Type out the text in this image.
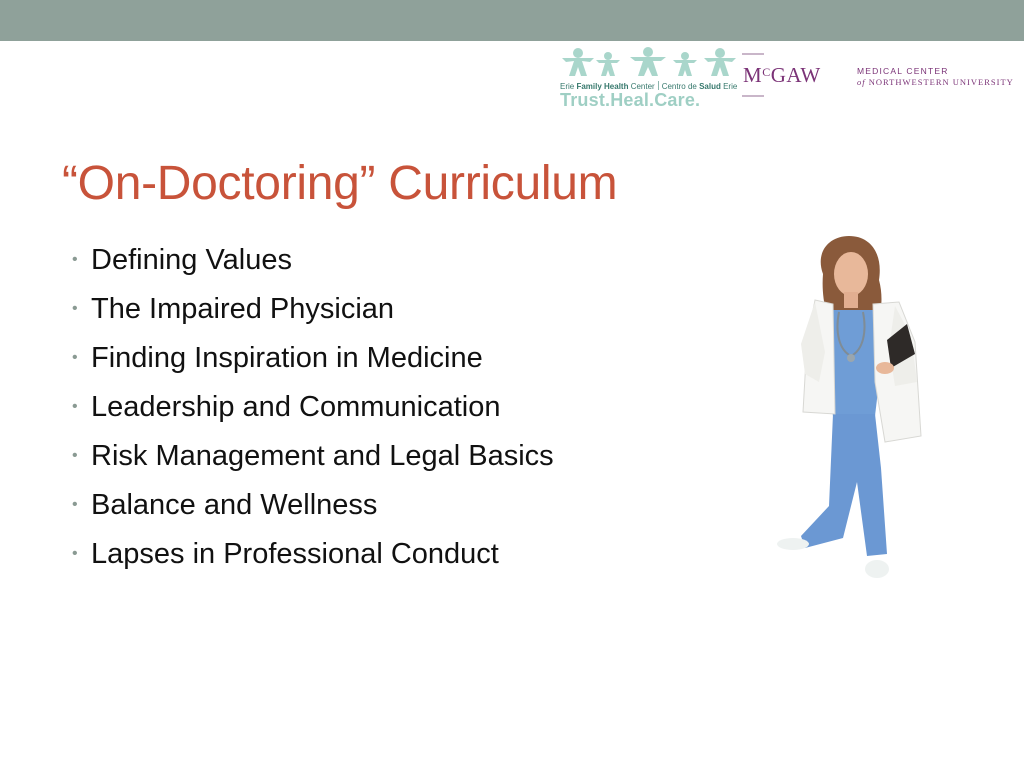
Erie Family Health Center Centro de Salud Erie
Trust.Heal.Care.
$M^CGAW$	MEDICAL CENTER
of NORTHWESTERN UNIVERSITY
“On-Doctoring” Curriculum
• Defining Values
• The Impaired Physician
• Finding Inspiration in Medicine
• Leadership and Communication
• Risk Management and Legal Basics
• Balance and Wellness
• Lapses in Professional Conduct
